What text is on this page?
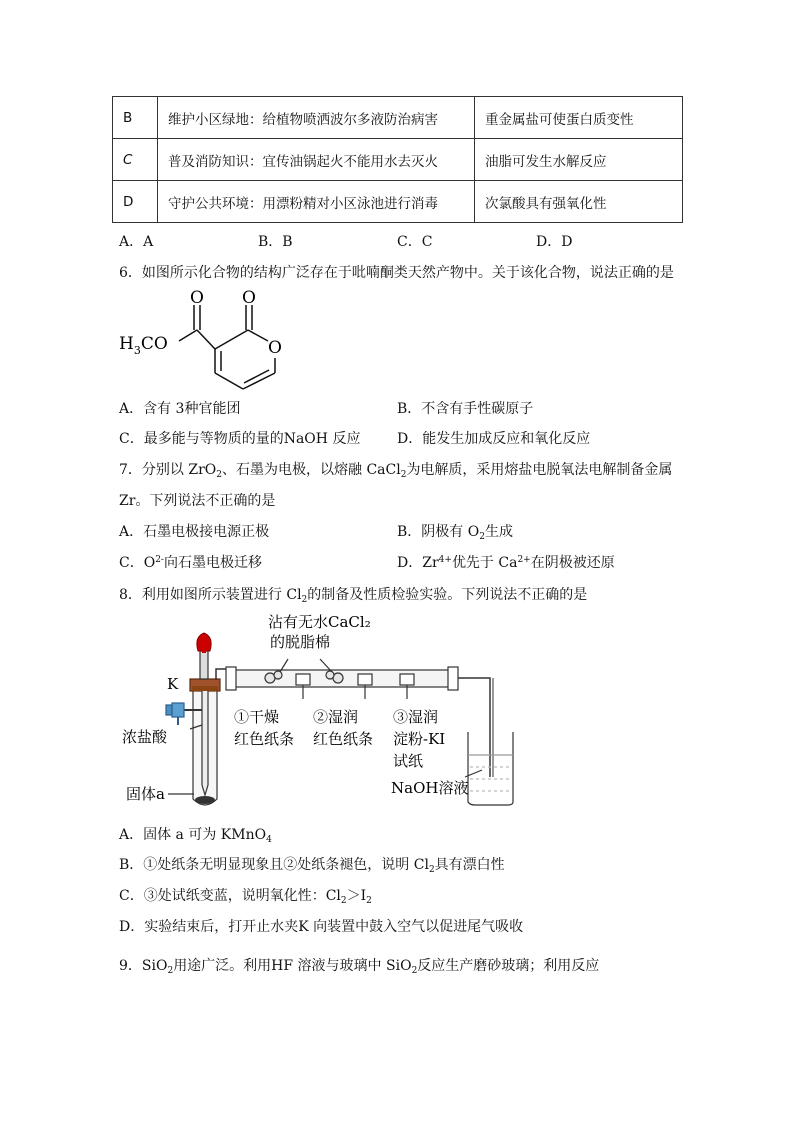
B	维护小区绿地：给植物喷洒波尔多液防治病害	重金属盐可使蛋白质变性
C	普及消防知识：宜传油锅起火不能用水去灭火	油脂可发生水解反应
D	守护公共环境：用漂粉精对小区泳池进行消毒	次氯酸具有强氧化性
A．A	B．B	C．C	D．D
6．如图所示化合物的结构广泛存在于吡喃酮类天然产物中。关于该化合物，说法正确的是
O O
O
$H_3CO$
A．含有 3种官能团	B．不含有手性碳原子
C．最多能与等物质的量的NaOH 反应	D．能发生加成反应和氧化反应
7．分别以 ZrO$_2$、石墨为电极，以熔融 CaCl$_2$为电解质，采用熔盐电脱氧法电解制备金属
Zr。下列说法不正确的是
A．石墨电极接电源正极	B．阴极有 $O_2$生成
C．$O^{2-}$向石墨电极迁移	D．$Zr^{4+}$优先于 $Ca^{2+}$在阴极被还原
8．利用如图所示装置进行 $Cl_2$的制备及性质检验实验。下列说法不正确的是
沾有无水CaCl₂
的脱脂棉
K
浓盐酸
固体a
①干燥
红色纸条
②湿润
红色纸条
③湿润
淀粉-KI
试纸
NaOH溶液
A．固体 a 可为 KMnO$_4$
B．①处纸条无明显现象且②处纸条褪色，说明 $Cl_2$具有漂白性
C．③处试纸变蓝，说明氧化性：$Cl_2>I_2$
D．实验结束后，打开止水夹K 向装置中鼓入空气以促进尾气吸收
9．SiO$_2$用途广泛。利用HF 溶液与玻璃中 SiO$_2$反应生产磨砂玻璃；利用反应
